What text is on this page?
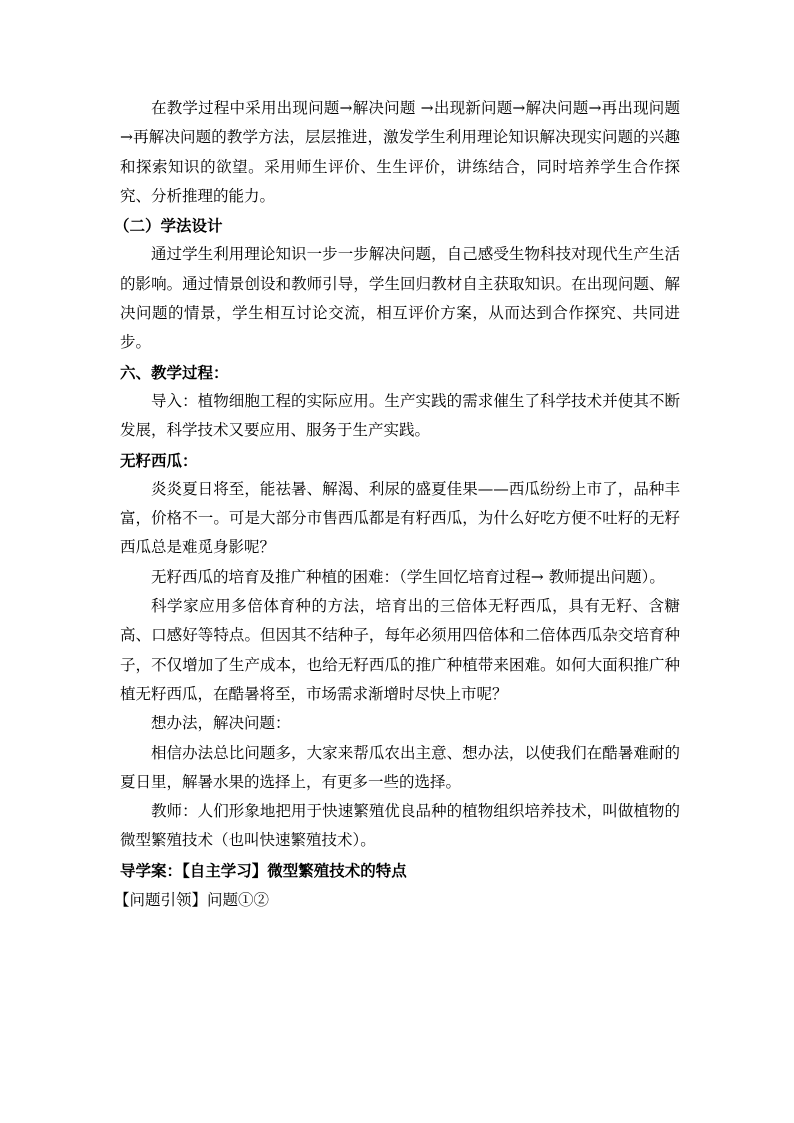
在教学过程中采用出现问题→解决问题 →出现新问题→解决问题→再出现问题→再解决问题的教学方法，层层推进，激发学生利用理论知识解决现实问题的兴趣和探索知识的欲望。采用师生评价、生生评价，讲练结合，同时培养学生合作探究、分析推理的能力。

（二）学法设计

通过学生利用理论知识一步一步解决问题，自己感受生物科技对现代生产生活的影响。通过情景创设和教师引导，学生回归教材自主获取知识。在出现问题、解决问题的情景，学生相互讨论交流，相互评价方案，从而达到合作探究、共同进步。

六、教学过程：

导入：植物细胞工程的实际应用。生产实践的需求催生了科学技术并使其不断发展，科学技术又要应用、服务于生产实践。

无籽西瓜：

炎炎夏日将至，能祛暑、解渴、利尿的盛夏佳果——西瓜纷纷上市了，品种丰富，价格不一。可是大部分市售西瓜都是有籽西瓜，为什么好吃方便不吐籽的无籽西瓜总是难觅身影呢？

无籽西瓜的培育及推广种植的困难：（学生回忆培育过程→ 教师提出问题）。

科学家应用多倍体育种的方法，培育出的三倍体无籽西瓜，具有无籽、含糖高、口感好等特点。但因其不结种子，每年必须用四倍体和二倍体西瓜杂交培育种子，不仅增加了生产成本，也给无籽西瓜的推广种植带来困难。如何大面积推广种植无籽西瓜，在酷暑将至，市场需求渐增时尽快上市呢？

想办法，解决问题：

相信办法总比问题多，大家来帮瓜农出主意、想办法，以使我们在酷暑难耐的夏日里，解暑水果的选择上，有更多一些的选择。

教师：人们形象地把用于快速繁殖优良品种的植物组织培养技术，叫做植物的微型繁殖技术（也叫快速繁殖技术）。

导学案：【自主学习】微型繁殖技术的特点

【问题引领】问题①②
